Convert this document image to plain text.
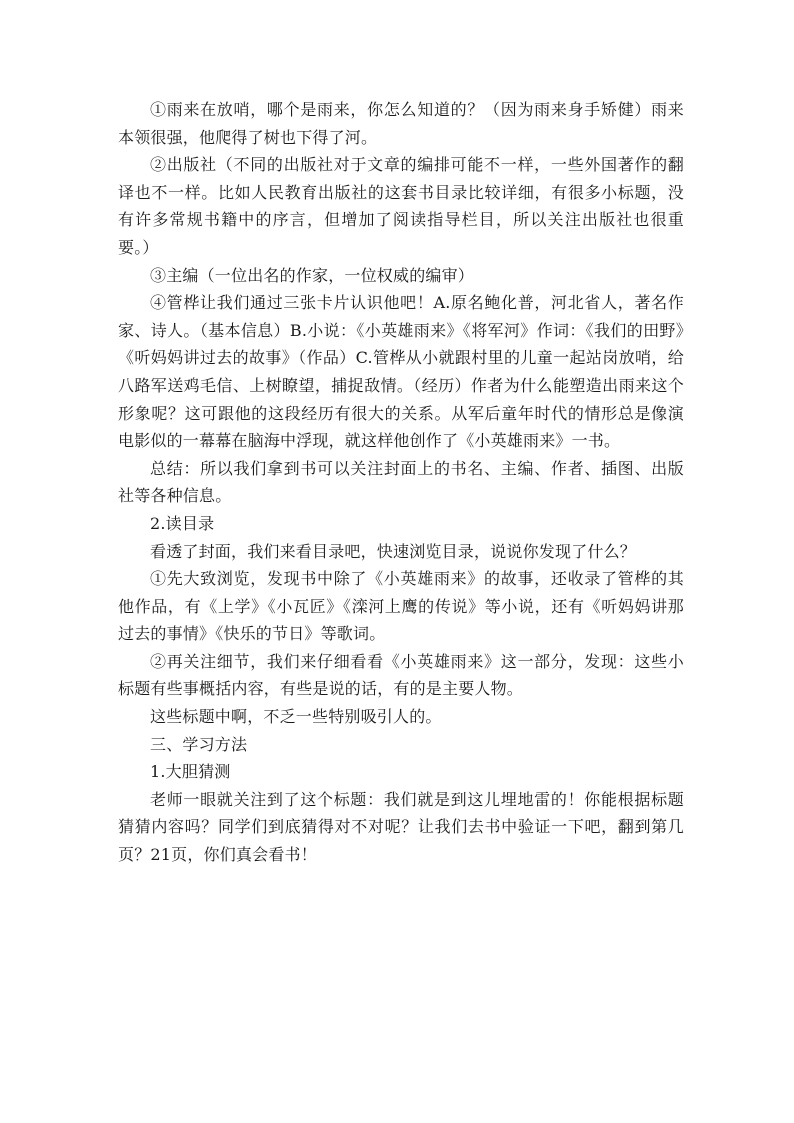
①雨来在放哨，哪个是雨来，你怎么知道的？（因为雨来身手矫健）雨来本领很强，他爬得了树也下得了河。

②出版社（不同的出版社对于文章的编排可能不一样，一些外国著作的翻译也不一样。比如人民教育出版社的这套书目录比较详细，有很多小标题，没有许多常规书籍中的序言，但增加了阅读指导栏目，所以关注出版社也很重要。）

③主编（一位出名的作家，一位权威的编审）

④管桦让我们通过三张卡片认识他吧！A.原名鲍化普，河北省人，著名作家、诗人。（基本信息）B.小说：《小英雄雨来》《将军河》作词：《我们的田野》《听妈妈讲过去的故事》（作品）C.管桦从小就跟村里的儿童一起站岗放哨，给八路军送鸡毛信、上树瞭望，捕捉敌情。（经历）作者为什么能塑造出雨来这个形象呢？这可跟他的这段经历有很大的关系。从军后童年时代的情形总是像演电影似的一幕幕在脑海中浮现，就这样他创作了《小英雄雨来》一书。

总结：所以我们拿到书可以关注封面上的书名、主编、作者、插图、出版社等各种信息。

2.读目录

看透了封面，我们来看目录吧，快速浏览目录，说说你发现了什么？

①先大致浏览，发现书中除了《小英雄雨来》的故事，还收录了管桦的其他作品，有《上学》《小瓦匠》《滦河上鹰的传说》等小说，还有《听妈妈讲那过去的事情》《快乐的节日》等歌词。

②再关注细节，我们来仔细看看《小英雄雨来》这一部分，发现：这些小标题有些事概括内容，有些是说的话，有的是主要人物。

这些标题中啊，不乏一些特别吸引人的。

三、学习方法

1.大胆猜测

老师一眼就关注到了这个标题：我们就是到这儿埋地雷的！你能根据标题猜猜内容吗？同学们到底猜得对不对呢？让我们去书中验证一下吧，翻到第几页？21页，你们真会看书！
